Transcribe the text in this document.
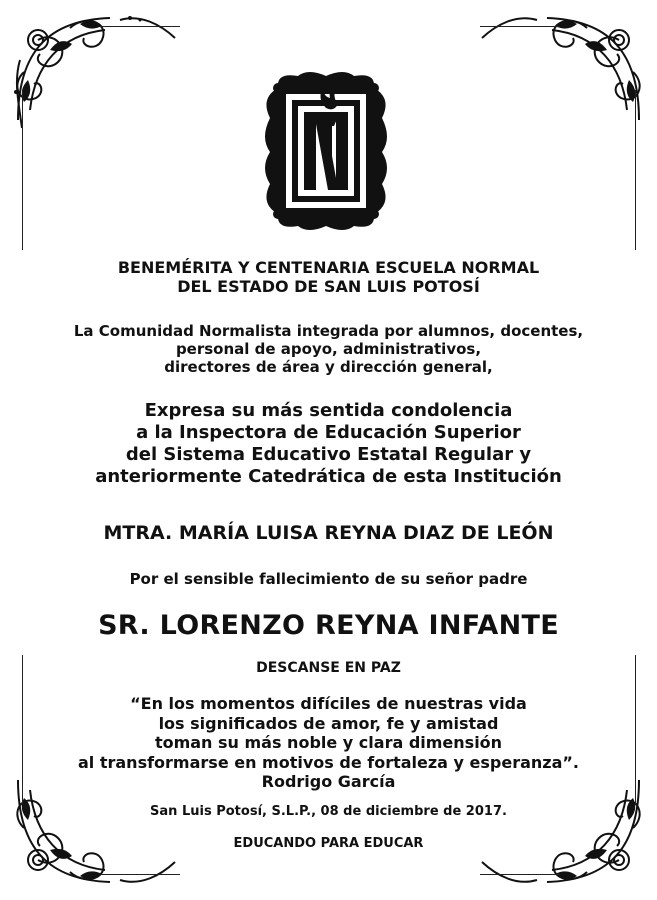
BENEMÉRITA Y CENTENARIA ESCUELA NORMAL
DEL ESTADO DE SAN LUIS POTOSÍ
La Comunidad Normalista integrada por alumnos, docentes,
personal de apoyo, administrativos,
directores de área y dirección general,
Expresa su más sentida condolencia
a la Inspectora de Educación Superior
del Sistema Educativo Estatal Regular y
anteriormente Catedrática de esta Institución
MTRA. MARÍA LUISA REYNA DIAZ DE LEÓN
Por el sensible fallecimiento de su señor padre
SR. LORENZO REYNA INFANTE
DESCANSE EN PAZ
“En los momentos difíciles de nuestras vida
los significados de amor, fe y amistad
toman su más noble y clara dimensión
al transformarse en motivos de fortaleza y esperanza”.
Rodrigo García
San Luis Potosí, S.L.P., 08 de diciembre de 2017.
EDUCANDO PARA EDUCAR
